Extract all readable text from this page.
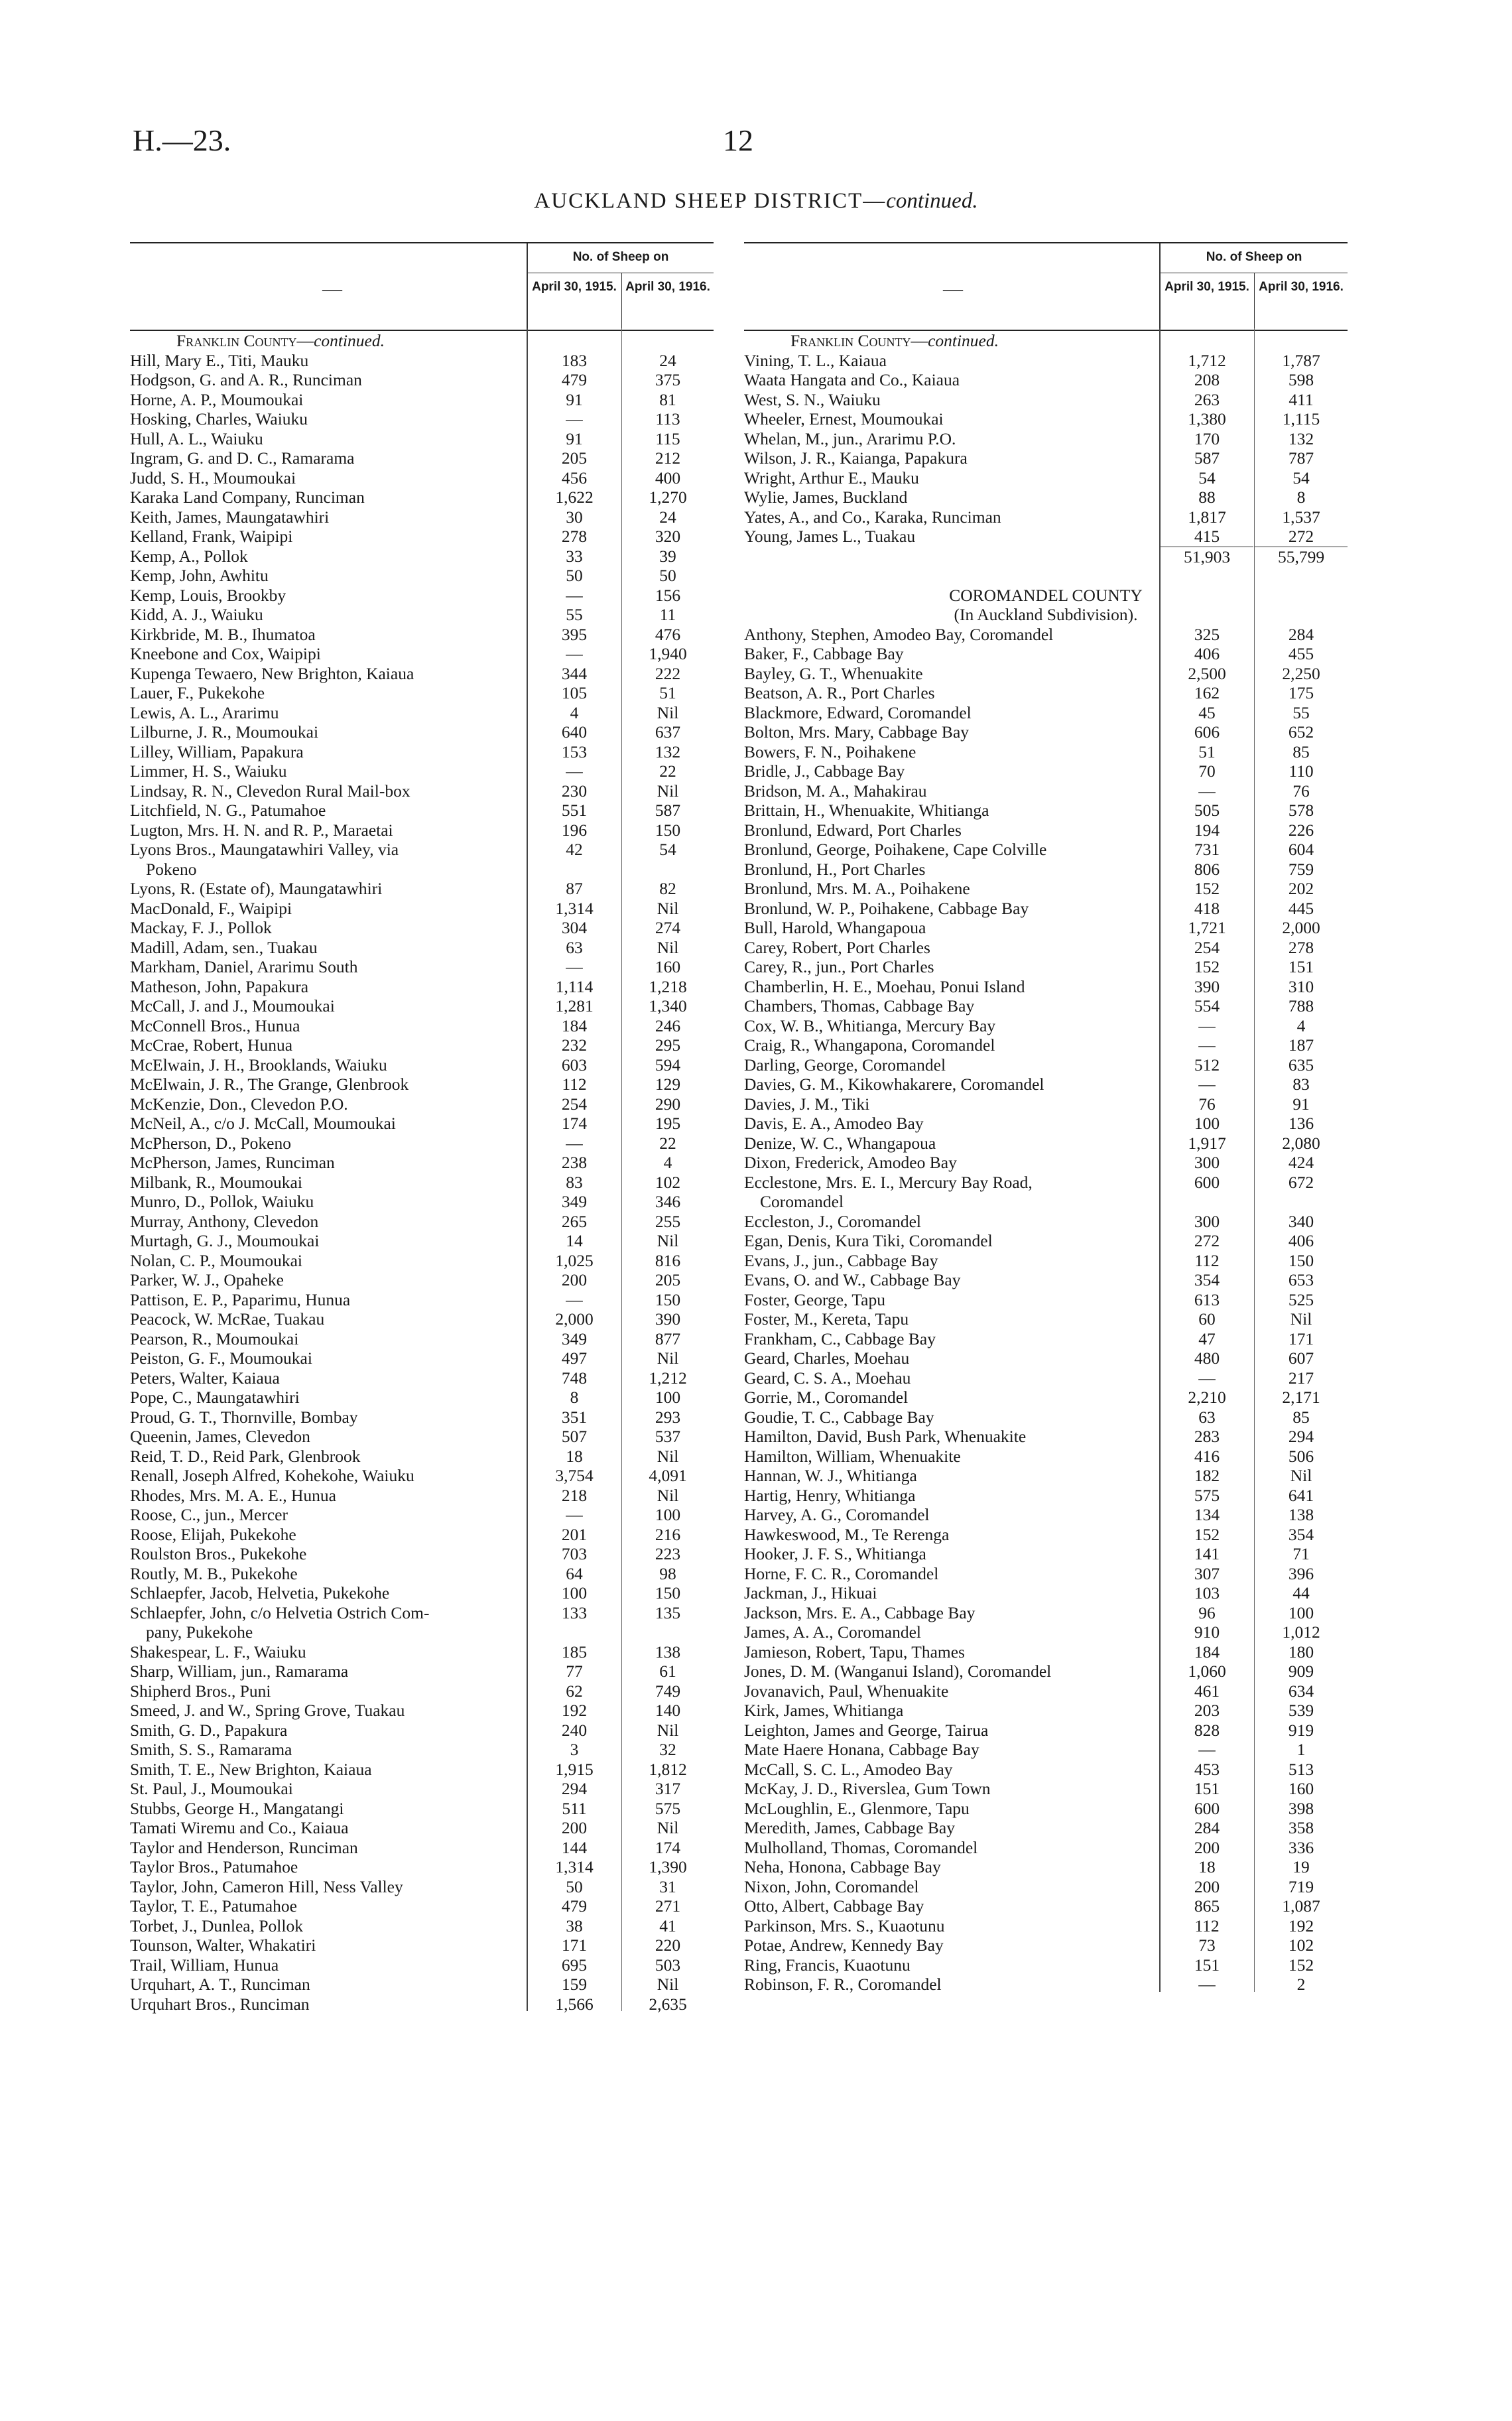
H.—23.	12
AUCKLAND SHEEP DISTRICT—continued.
—
No. of Sheep on
April 30, 1915. April 30, 1916.
Franklin County—continued.
Hill, Mary E., Titi, Mauku	183	24
Hodgson, G. and A. R., Runciman	479	375
Horne, A. P., Moumoukai	91	81
Hosking, Charles, Waiuku	—	113
Hull, A. L., Waiuku	91	115
Ingram, G. and D. C., Ramarama	205	212
Judd, S. H., Moumoukai	456	400
Karaka Land Company, Runciman	1,622	1,270
Keith, James, Maungatawhiri	30	24
Kelland, Frank, Waipipi	278	320
Kemp, A., Pollok	33	39
Kemp, John, Awhitu	50	50
Kemp, Louis, Brookby	—	156
Kidd, A. J., Waiuku	55	11
Kirkbride, M. B., Ihumatoa	395	476
Kneebone and Cox, Waipipi	—	1,940
Kupenga Tewaero, New Brighton, Kaiaua	344	222
Lauer, F., Pukekohe	105	51
Lewis, A. L., Ararimu	4	Nil
Lilburne, J. R., Moumoukai	640	637
Lilley, William, Papakura	153	132
Limmer, H. S., Waiuku	—	22
Lindsay, R. N., Clevedon Rural Mail-box	230	Nil
Litchfield, N. G., Patumahoe	551	587
Lugton, Mrs. H. N. and R. P., Maraetai	196	150
Lyons Bros., Maungatawhiri Valley, via	42	54
Pokeno
Lyons, R. (Estate of), Maungatawhiri	87	82
MacDonald, F., Waipipi	1,314	Nil
Mackay, F. J., Pollok	304	274
Madill, Adam, sen., Tuakau	63	Nil
Markham, Daniel, Ararimu South	—	160
Matheson, John, Papakura	1,114	1,218
McCall, J. and J., Moumoukai	1,281	1,340
McConnell Bros., Hunua	184	246
McCrae, Robert, Hunua	232	295
McElwain, J. H., Brooklands, Waiuku	603	594
McElwain, J. R., The Grange, Glenbrook	112	129
McKenzie, Don., Clevedon P.O.	254	290
McNeil, A., c/o J. McCall, Moumoukai	174	195
McPherson, D., Pokeno	—	22
McPherson, James, Runciman	238	4
Milbank, R., Moumoukai	83	102
Munro, D., Pollok, Waiuku	349	346
Murray, Anthony, Clevedon	265	255
Murtagh, G. J., Moumoukai	14	Nil
Nolan, C. P., Moumoukai	1,025	816
Parker, W. J., Opaheke	200	205
Pattison, E. P., Paparimu, Hunua	—	150
Peacock, W. McRae, Tuakau	2,000	390
Pearson, R., Moumoukai	349	877
Peiston, G. F., Moumoukai	497	Nil
Peters, Walter, Kaiaua	748	1,212
Pope, C., Maungatawhiri	8	100
Proud, G. T., Thornville, Bombay	351	293
Queenin, James, Clevedon	507	537
Reid, T. D., Reid Park, Glenbrook	18	Nil
Renall, Joseph Alfred, Kohekohe, Waiuku	3,754	4,091
Rhodes, Mrs. M. A. E., Hunua	218	Nil
Roose, C., jun., Mercer	—	100
Roose, Elijah, Pukekohe	201	216
Roulston Bros., Pukekohe	703	223
Routly, M. B., Pukekohe	64	98
Schlaepfer, Jacob, Helvetia, Pukekohe	100	150
Schlaepfer, John, c/o Helvetia Ostrich Com-	133	135
pany, Pukekohe
Shakespear, L. F., Waiuku	185	138
Sharp, William, jun., Ramarama	77	61
Shipherd Bros., Puni	62	749
Smeed, J. and W., Spring Grove, Tuakau	192	140
Smith, G. D., Papakura	240	Nil
Smith, S. S., Ramarama	3	32
Smith, T. E., New Brighton, Kaiaua	1,915	1,812
St. Paul, J., Moumoukai	294	317
Stubbs, George H., Mangatangi	511	575
Tamati Wiremu and Co., Kaiaua	200	Nil
Taylor and Henderson, Runciman	144	174
Taylor Bros., Patumahoe	1,314	1,390
Taylor, John, Cameron Hill, Ness Valley	50	31
Taylor, T. E., Patumahoe	479	271
Torbet, J., Dunlea, Pollok	38	41
Tounson, Walter, Whakatiri	171	220
Trail, William, Hunua	695	503
Urquhart, A. T., Runciman	159	Nil
Urquhart Bros., Runciman	1,566	2,635
—
No. of Sheep on
April 30, 1915. April 30, 1916.
Franklin County—continued.
Vining, T. L., Kaiaua	1,712	1,787
Waata Hangata and Co., Kaiaua	208	598
West, S. N., Waiuku	263	411
Wheeler, Ernest, Moumoukai	1,380	1,115
Whelan, M., jun., Ararimu P.O.	170	132
Wilson, J. R., Kaianga, Papakura	587	787
Wright, Arthur E., Mauku	54	54
Wylie, James, Buckland	88	8
Yates, A., and Co., Karaka, Runciman	1,817	1,537
Young, James L., Tuakau	415	272
51,903	55,799
COROMANDEL COUNTY
(In Auckland Subdivision).
Anthony, Stephen, Amodeo Bay, Coromandel	325	284
Baker, F., Cabbage Bay	406	455
Bayley, G. T., Whenuakite	2,500	2,250
Beatson, A. R., Port Charles	162	175
Blackmore, Edward, Coromandel	45	55
Bolton, Mrs. Mary, Cabbage Bay	606	652
Bowers, F. N., Poihakene	51	85
Bridle, J., Cabbage Bay	70	110
Bridson, M. A., Mahakirau	—	76
Brittain, H., Whenuakite, Whitianga	505	578
Bronlund, Edward, Port Charles	194	226
Bronlund, George, Poihakene, Cape Colville	731	604
Bronlund, H., Port Charles	806	759
Bronlund, Mrs. M. A., Poihakene	152	202
Bronlund, W. P., Poihakene, Cabbage Bay	418	445
Bull, Harold, Whangapoua	1,721	2,000
Carey, Robert, Port Charles	254	278
Carey, R., jun., Port Charles	152	151
Chamberlin, H. E., Moehau, Ponui Island	390	310
Chambers, Thomas, Cabbage Bay	554	788
Cox, W. B., Whitianga, Mercury Bay	—	4
Craig, R., Whangapona, Coromandel	—	187
Darling, George, Coromandel	512	635
Davies, G. M., Kikowhakarere, Coromandel	—	83
Davies, J. M., Tiki	76	91
Davis, E. A., Amodeo Bay	100	136
Denize, W. C., Whangapoua	1,917	2,080
Dixon, Frederick, Amodeo Bay	300	424
Ecclestone, Mrs. E. I., Mercury Bay Road,	600	672
Coromandel
Eccleston, J., Coromandel	300	340
Egan, Denis, Kura Tiki, Coromandel	272	406
Evans, J., jun., Cabbage Bay	112	150
Evans, O. and W., Cabbage Bay	354	653
Foster, George, Tapu	613	525
Foster, M., Kereta, Tapu	60	Nil
Frankham, C., Cabbage Bay	47	171
Geard, Charles, Moehau	480	607
Geard, C. S. A., Moehau	—	217
Gorrie, M., Coromandel	2,210	2,171
Goudie, T. C., Cabbage Bay	63	85
Hamilton, David, Bush Park, Whenuakite	283	294
Hamilton, William, Whenuakite	416	506
Hannan, W. J., Whitianga	182	Nil
Hartig, Henry, Whitianga	575	641
Harvey, A. G., Coromandel	134	138
Hawkeswood, M., Te Rerenga	152	354
Hooker, J. F. S., Whitianga	141	71
Horne, F. C. R., Coromandel	307	396
Jackman, J., Hikuai	103	44
Jackson, Mrs. E. A., Cabbage Bay	96	100
James, A. A., Coromandel	910	1,012
Jamieson, Robert, Tapu, Thames	184	180
Jones, D. M. (Wanganui Island), Coromandel	1,060	909
Jovanavich, Paul, Whenuakite	461	634
Kirk, James, Whitianga	203	539
Leighton, James and George, Tairua	828	919
Mate Haere Honana, Cabbage Bay	—	1
McCall, S. C. L., Amodeo Bay	453	513
McKay, J. D., Riverslea, Gum Town	151	160
McLoughlin, E., Glenmore, Tapu	600	398
Meredith, James, Cabbage Bay	284	358
Mulholland, Thomas, Coromandel	200	336
Neha, Honona, Cabbage Bay	18	19
Nixon, John, Coromandel	200	719
Otto, Albert, Cabbage Bay	865	1,087
Parkinson, Mrs. S., Kuaotunu	112	192
Potae, Andrew, Kennedy Bay	73	102
Ring, Francis, Kuaotunu	151	152
Robinson, F. R., Coromandel	—	2
